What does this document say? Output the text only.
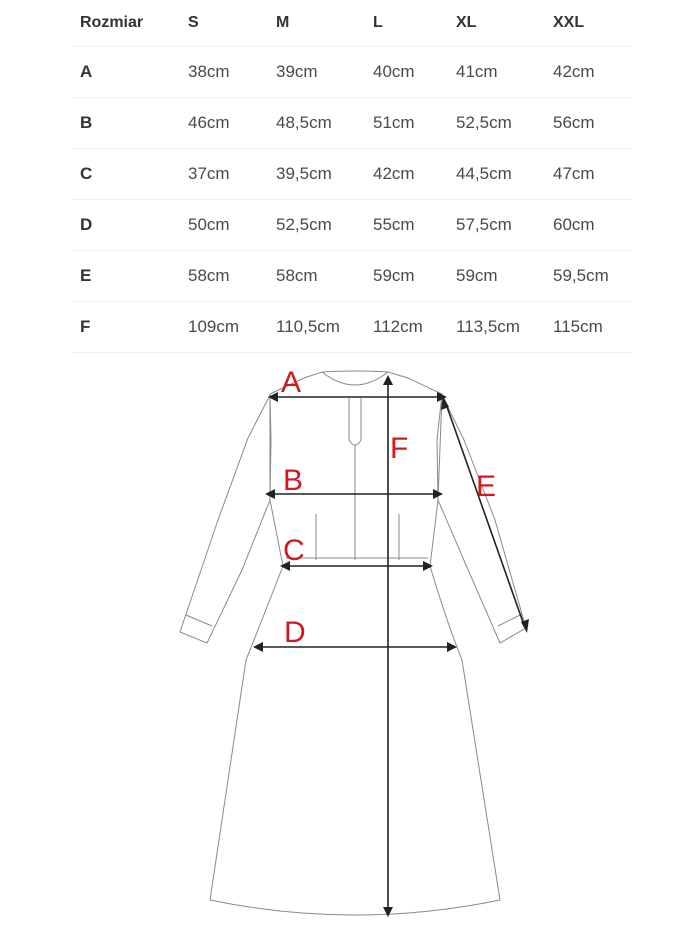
Rozmiar	S	M	L	XL	XXL
A	38cm	39cm	40cm	41cm	42cm
B	46cm	48,5cm	51cm	52,5cm	56cm
C	37cm	39,5cm	42cm	44,5cm	47cm
D	50cm	52,5cm	55cm	57,5cm	60cm
E	58cm	58cm	59cm	59cm	59,5cm
F	109cm	110,5cm	112cm	113,5cm	115cm
A
B
C
D
E
F
